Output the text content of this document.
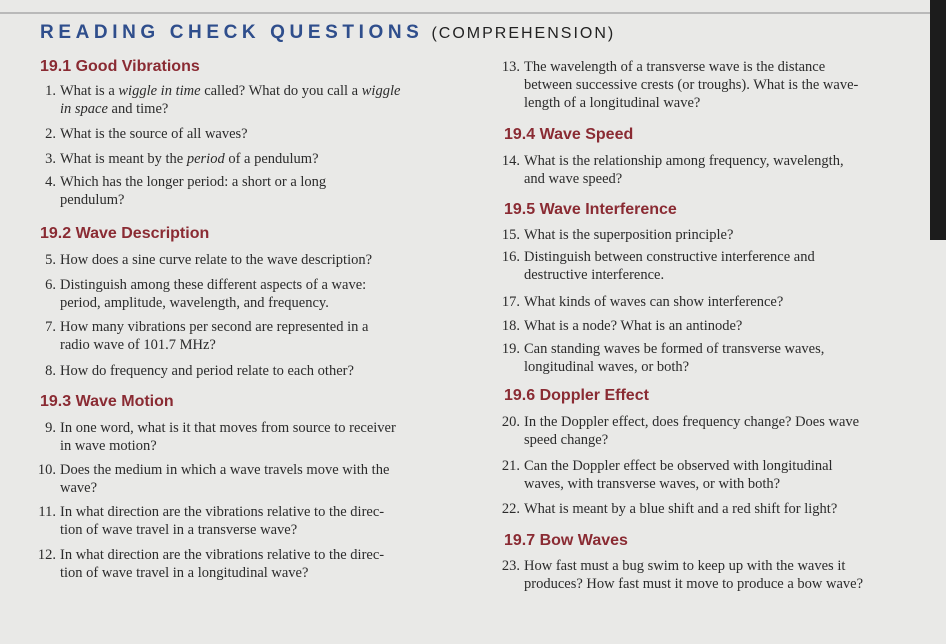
READING CHECK QUESTIONS (COMPREHENSION)
19.1 Good Vibrations
1. What is a wiggle in time called? What do you call a wiggle
in space and time?
2. What is the source of all waves?
3. What is meant by the period of a pendulum?
4. Which has the longer period: a short or a long
pendulum?
19.2 Wave Description
5. How does a sine curve relate to the wave description?
6. Distinguish among these different aspects of a wave:
period, amplitude, wavelength, and frequency.
7. How many vibrations per second are represented in a
radio wave of 101.7 MHz?
8. How do frequency and period relate to each other?
19.3 Wave Motion
9. In one word, what is it that moves from source to receiver
in wave motion?
10. Does the medium in which a wave travels move with the
wave?
11. In what direction are the vibrations relative to the direc-
tion of wave travel in a transverse wave?
12. In what direction are the vibrations relative to the direc-
tion of wave travel in a longitudinal wave?
13. The wavelength of a transverse wave is the distance
between successive crests (or troughs). What is the wave-
length of a longitudinal wave?
19.4 Wave Speed
14. What is the relationship among frequency, wavelength,
and wave speed?
19.5 Wave Interference
15. What is the superposition principle?
16. Distinguish between constructive interference and
destructive interference.
17. What kinds of waves can show interference?
18. What is a node? What is an antinode?
19. Can standing waves be formed of transverse waves,
longitudinal waves, or both?
19.6 Doppler Effect
20. In the Doppler effect, does frequency change? Does wave
speed change?
21. Can the Doppler effect be observed with longitudinal
waves, with transverse waves, or with both?
22. What is meant by a blue shift and a red shift for light?
19.7 Bow Waves
23. How fast must a bug swim to keep up with the waves it
produces? How fast must it move to produce a bow wave?
